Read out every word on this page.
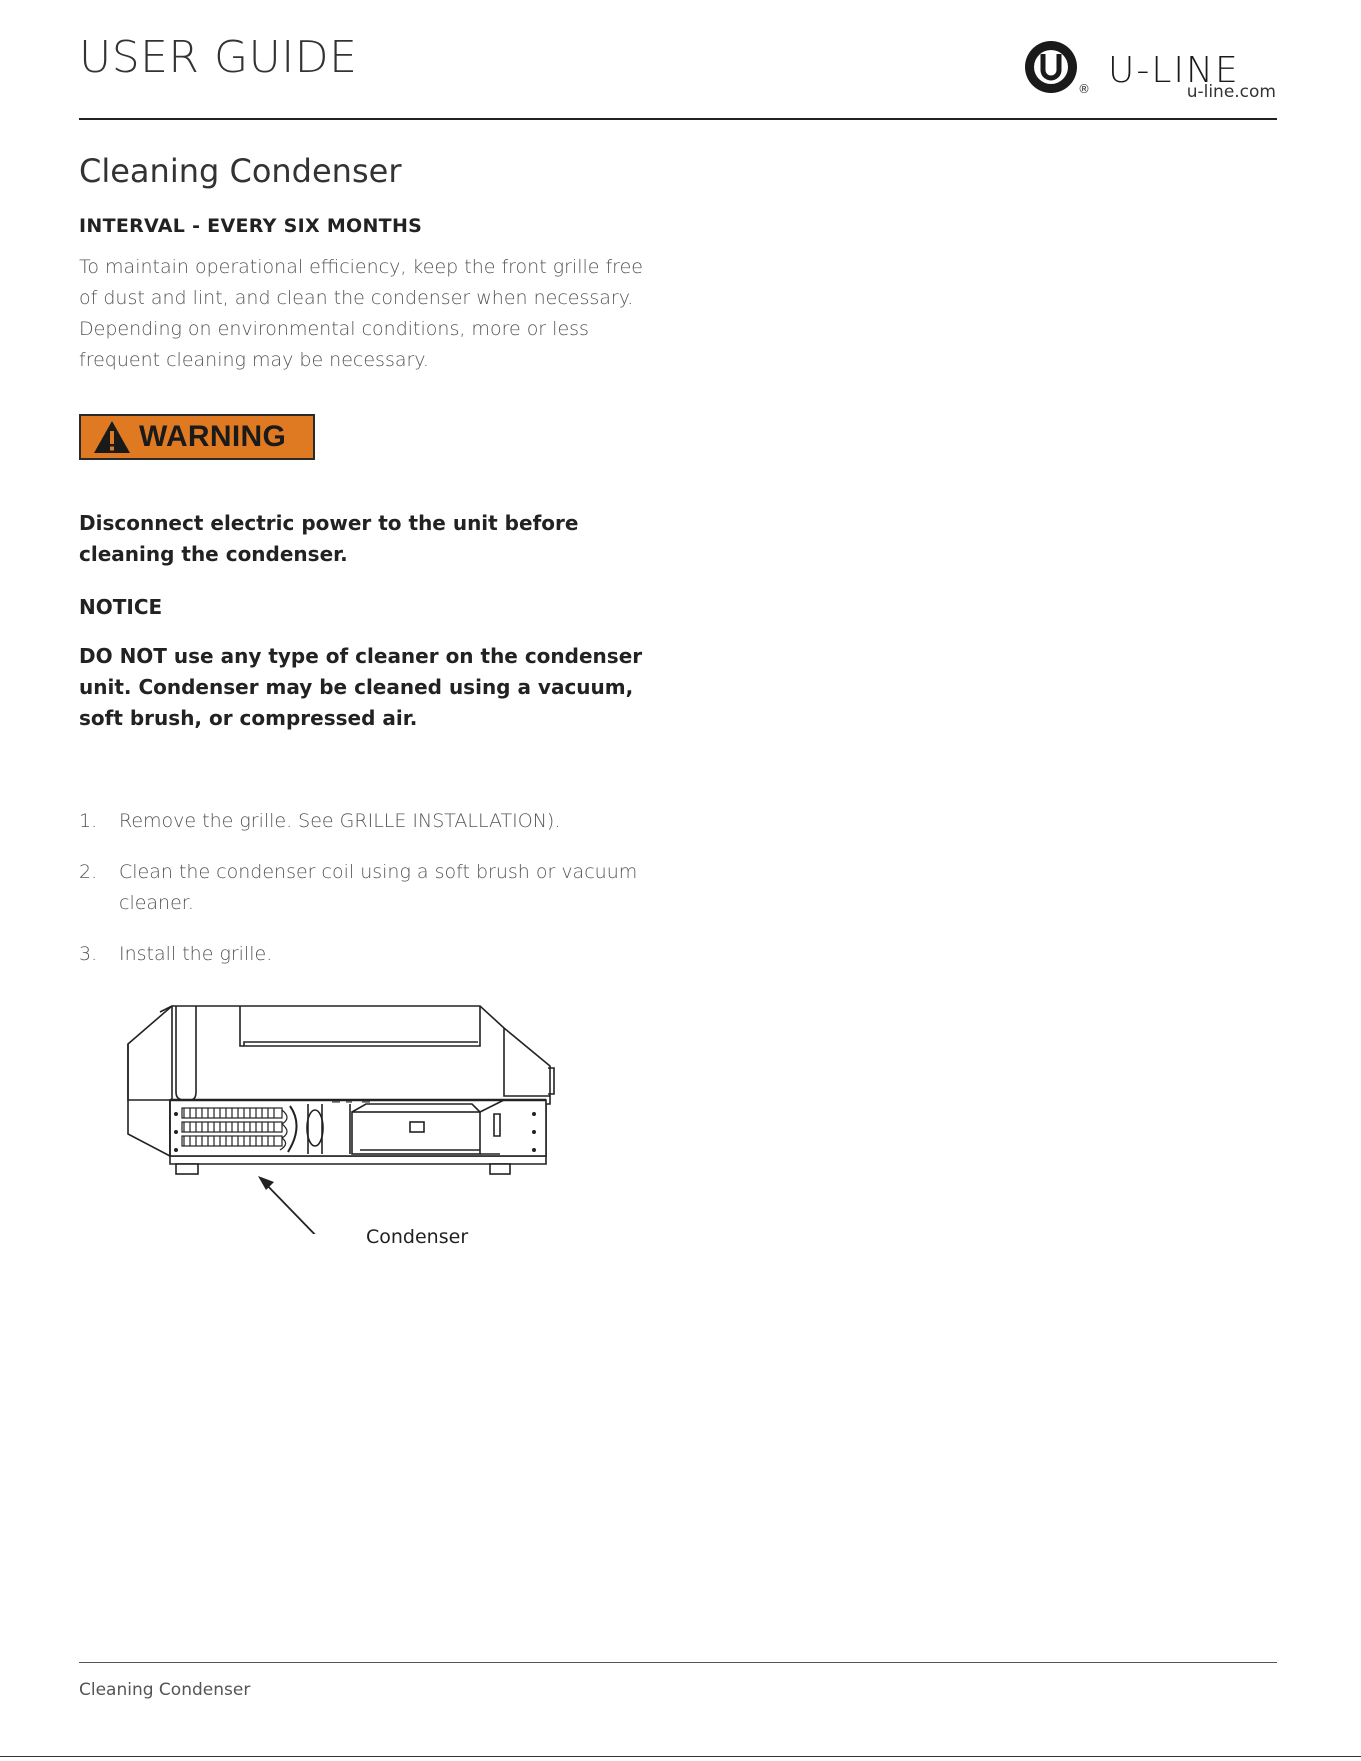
USER GUIDE
® U-LINE
u-line.com
Cleaning Condenser
INTERVAL - EVERY SIX MONTHS
To maintain operational efficiency, keep the front grille free
of dust and lint, and clean the condenser when necessary.
Depending on environmental conditions, more or less
frequent cleaning may be necessary.
WARNING
Disconnect electric power to the unit before
cleaning the condenser.
NOTICE
DO NOT use any type of cleaner on the condenser
unit. Condenser may be cleaned using a vacuum,
soft brush, or compressed air.
1.	Remove the grille. See GRILLE INSTALLATION).
2.	Clean the condenser coil using a soft brush or vacuum
cleaner.
3.	Install the grille.
Condenser
Cleaning Condenser
